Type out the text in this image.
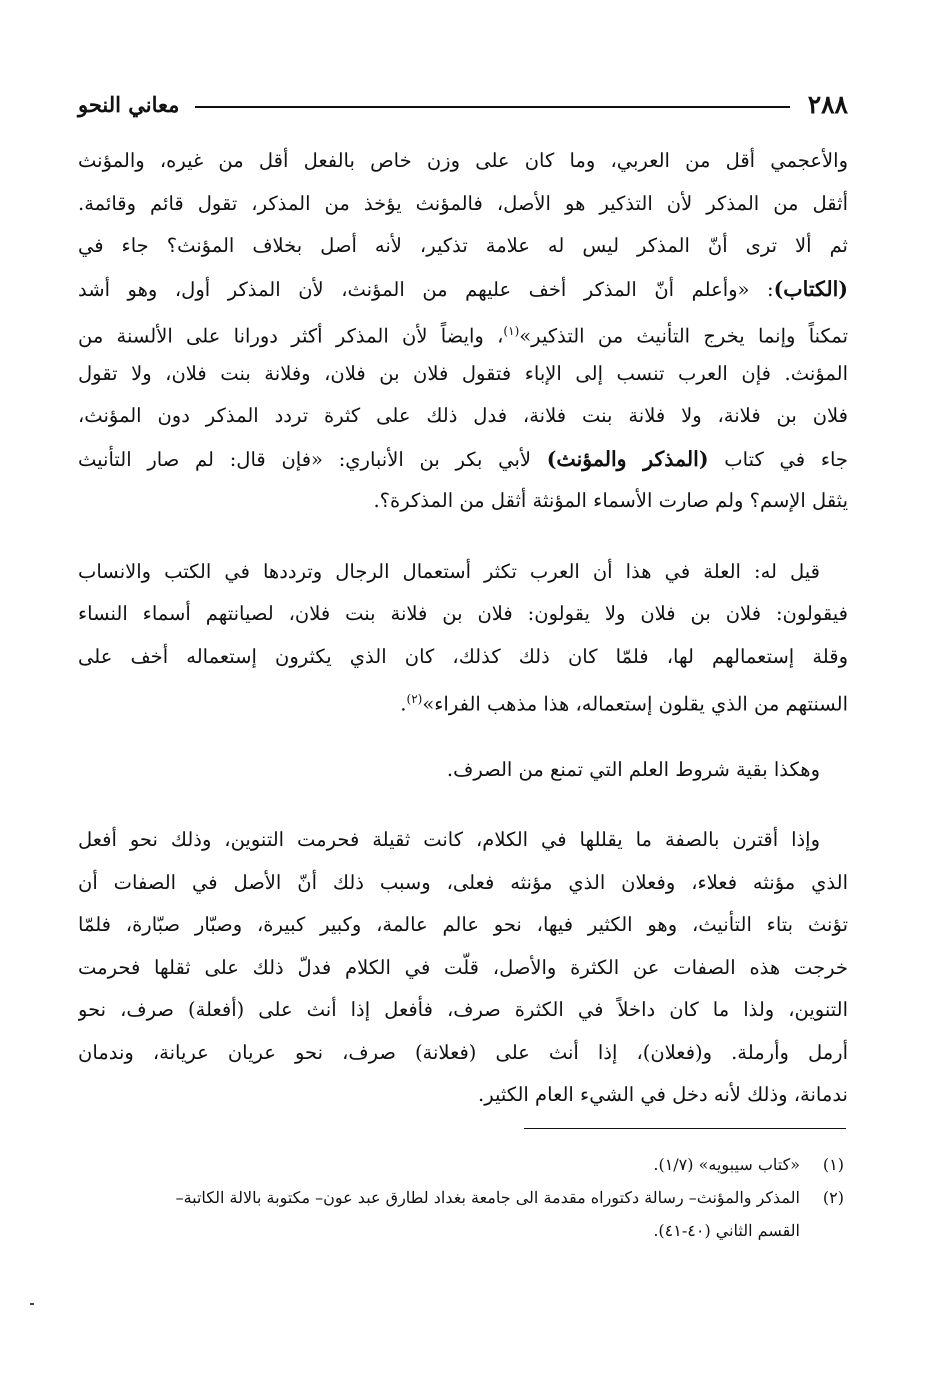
٢٨٨
معاني النحو
والأعجمي أقل من العربي، وما كان على وزن خاص بالفعل أقل من غيره، والمؤنث
أثقل من المذكر لأن التذكير هو الأصل، فالمؤنث يؤخذ من المذكر، تقول قائم وقائمة.
ثم ألا ترى أنّ المذكر ليس له علامة تذكير، لأنه أصل بخلاف المؤنث؟ جاء في
(الكتاب): «وأعلم أنّ المذكر أخف عليهم من المؤنث، لأن المذكر أول، وهو أشد
تمكناً وإنما يخرج التأنيث من التذكير»$^{(١)}$، وايضاً لأن المذكر أكثر دورانا على الألسنة من
المؤنث. فإن العرب تنسب إلى الإباء فتقول فلان بن فلان، وفلانة بنت فلان، ولا تقول
فلان بن فلانة، ولا فلانة بنت فلانة، فدل ذلك على كثرة تردد المذكر دون المؤنث،
جاء في كتاب (المذكر والمؤنث) لأبي بكر بن الأنباري: «فإن قال: لم صار التأنيث
يثقل الإسم؟ ولم صارت الأسماء المؤنثة أثقل من المذكرة؟.
قيل له: العلة في هذا أن العرب تكثر أستعمال الرجال وترددها في الكتب والانساب
فيقولون: فلان بن فلان ولا يقولون: فلان بن فلانة بنت فلان، لصيانتهم أسماء النساء
وقلة إستعمالهم لها، فلمّا كان ذلك كذلك، كان الذي يكثرون إستعماله أخف على
السنتهم من الذي يقلون إستعماله، هذا مذهب الفراء»$^{(٢)}$.
وهكذا بقية شروط العلم التي تمنع من الصرف.
وإذا أقترن بالصفة ما يقللها في الكلام، كانت ثقيلة فحرمت التنوين، وذلك نحو أفعل
الذي مؤنثه فعلاء، وفعلان الذي مؤنثه فعلى، وسبب ذلك أنّ الأصل في الصفات أن
تؤنث بتاء التأنيث، وهو الكثير فيها، نحو عالم عالمة، وكبير كبيرة، وصبّار صبّارة، فلمّا
خرجت هذه الصفات عن الكثرة والأصل، قلّت في الكلام فدلّ ذلك على ثقلها فحرمت
التنوين، ولذا ما كان داخلاً في الكثرة صرف، فأفعل إذا أنث على (أفعلة) صرف، نحو
أرمل وأرملة. و(فعلان)، إذا أنث على (فعلانة) صرف، نحو عريان عريانة، وندمان
ندمانة، وذلك لأنه دخل في الشيء العام الكثير.
(١)
«كتاب سيبويه» (١/٧).
(٢)
المذكر والمؤنث– رسالة دكتوراه مقدمة الى جامعة بغداد لطارق عبد عون– مكتوبة بالالة الكاتبة–
القسم الثاني (٤٠-٤١).
